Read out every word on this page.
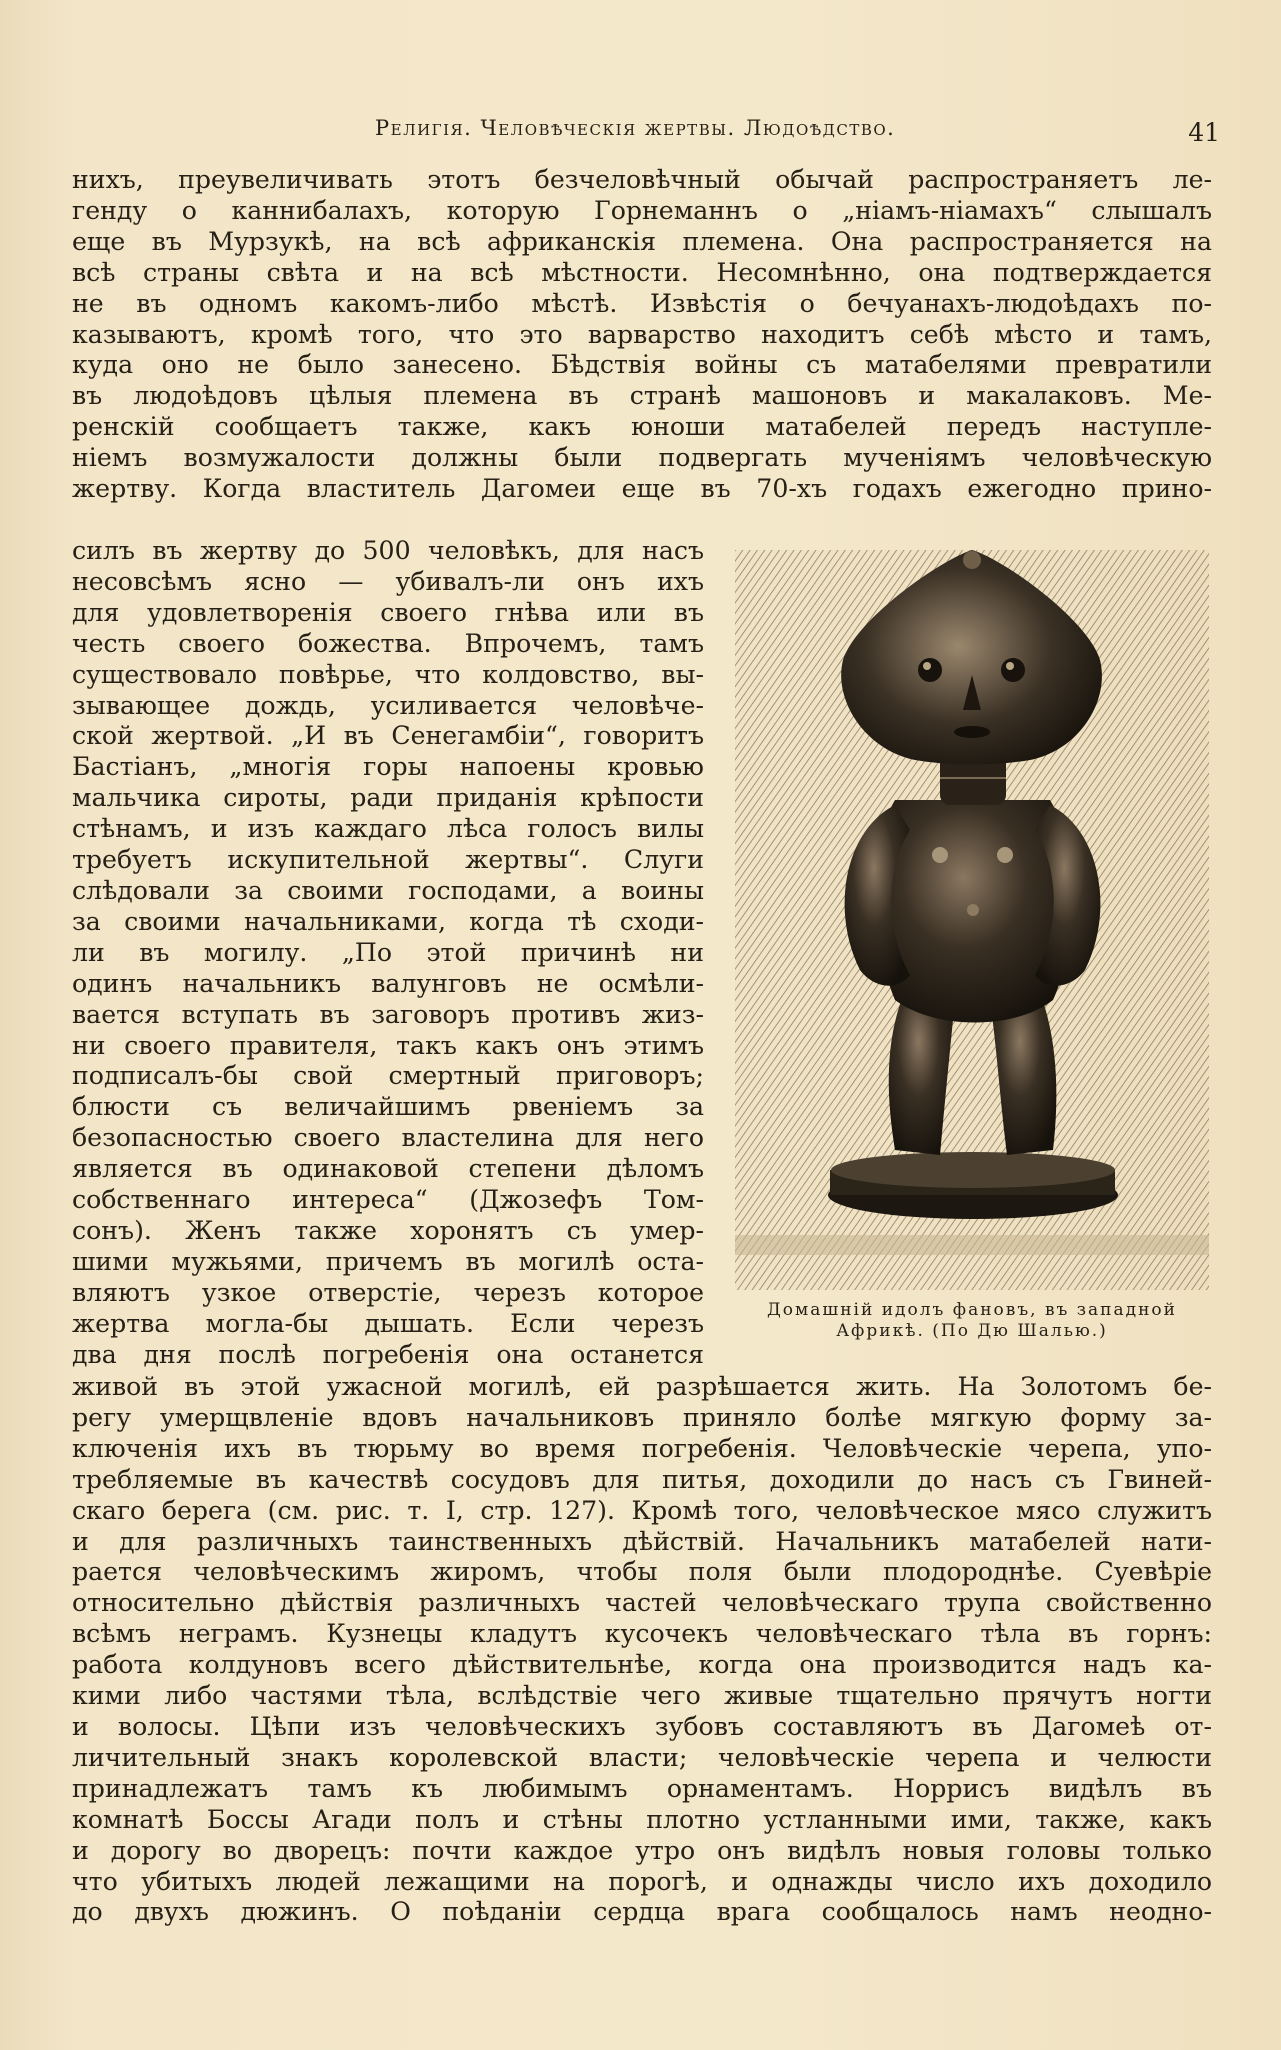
Религія. Человѣческія жертвы. Людоѣдство.	41
нихъ, преувеличивать этотъ безчеловѣчный обычай распространяетъ ле-
генду о каннибалахъ, которую Горнеманнъ о „ніамъ-ніамахъ“ слышалъ
еще въ Мурзукѣ, на всѣ африканскія племена. Она распространяется на
всѣ страны свѣта и на всѣ мѣстности. Несомнѣнно, она подтверждается
не въ одномъ какомъ-либо мѣстѣ. Извѣстія о бечуанахъ-людоѣдахъ по-
казываютъ, кромѣ того, что это варварство находитъ себѣ мѣсто и тамъ,
куда оно не было занесено. Бѣдствія войны съ матабелями превратили
въ людоѣдовъ цѣлыя племена въ странѣ машоновъ и макалаковъ. Ме-
ренскій сообщаетъ также, какъ юноши матабелей передъ наступле-
ніемъ возмужалости должны были подвергать мученіямъ человѣческую
жертву. Когда властитель Дагомеи еще въ 70-хъ годахъ ежегодно прино-
силъ въ жертву до 500 человѣкъ, для насъ
несовсѣмъ ясно — убивалъ-ли онъ ихъ
для удовлетворенія своего гнѣва или въ
честь своего божества. Впрочемъ, тамъ
существовало повѣрье, что колдовство, вы-
зывающее дождь, усиливается человѣче-
ской жертвой. „И въ Сенегамбіи“, говоритъ
Бастіанъ, „многія горы напоены кровью
мальчика сироты, ради приданія крѣпости
стѣнамъ, и изъ каждаго лѣса голосъ вилы
требуетъ искупительной жертвы“. Слуги
слѣдовали за своими господами, а воины
за своими начальниками, когда тѣ сходи-
ли въ могилу. „По этой причинѣ ни
одинъ начальникъ валунговъ не осмѣли-
вается вступать въ заговоръ противъ жиз-
ни своего правителя, такъ какъ онъ этимъ
подписалъ-бы свой смертный приговоръ;
блюсти съ величайшимъ рвеніемъ за
безопасностью своего властелина для него
является въ одинаковой степени дѣломъ
собственнаго интереса“ (Джозефъ Том-
сонъ). Женъ также хоронятъ съ умер-
шими мужьями, причемъ въ могилѣ оста-
вляютъ узкое отверстіе, черезъ которое
жертва могла-бы дышать. Если черезъ
два дня послѣ погребенія она останется
Домашній идолъ фановъ, въ западной
Африкѣ. (По Дю Шалью.)
живой въ этой ужасной могилѣ, ей разрѣшается жить. На Золотомъ бе-
регу умерщвленіе вдовъ начальниковъ приняло болѣе мягкую форму за-
ключенія ихъ въ тюрьму во время погребенія. Человѣческіе черепа, упо-
требляемые въ качествѣ сосудовъ для питья, доходили до насъ съ Гвиней-
скаго берега (см. рис. т. I, стр. 127). Кромѣ того, человѣческое мясо служитъ
и для различныхъ таинственныхъ дѣйствій. Начальникъ матабелей нати-
рается человѣческимъ жиромъ, чтобы поля были плодороднѣе. Суевѣріе
относительно дѣйствія различныхъ частей человѣческаго трупа свойственно
всѣмъ неграмъ. Кузнецы кладутъ кусочекъ человѣческаго тѣла въ горнъ:
работа колдуновъ всего дѣйствительнѣе, когда она производится надъ ка-
кими либо частями тѣла, вслѣдствіе чего живые тщательно прячутъ ногти
и волосы. Цѣпи изъ человѣческихъ зубовъ составляютъ въ Дагомеѣ от-
личительный знакъ королевской власти; человѣческіе черепа и челюсти
принадлежатъ тамъ къ любимымъ орнаментамъ. Норрисъ видѣлъ въ
комнатѣ Боссы Агади полъ и стѣны плотно устланными ими, также, какъ
и дорогу во дворецъ: почти каждое утро онъ видѣлъ новыя головы только
что убитыхъ людей лежащими на порогѣ, и однажды число ихъ доходило
до двухъ дюжинъ. О поѣданіи сердца врага сообщалось намъ неодно-
